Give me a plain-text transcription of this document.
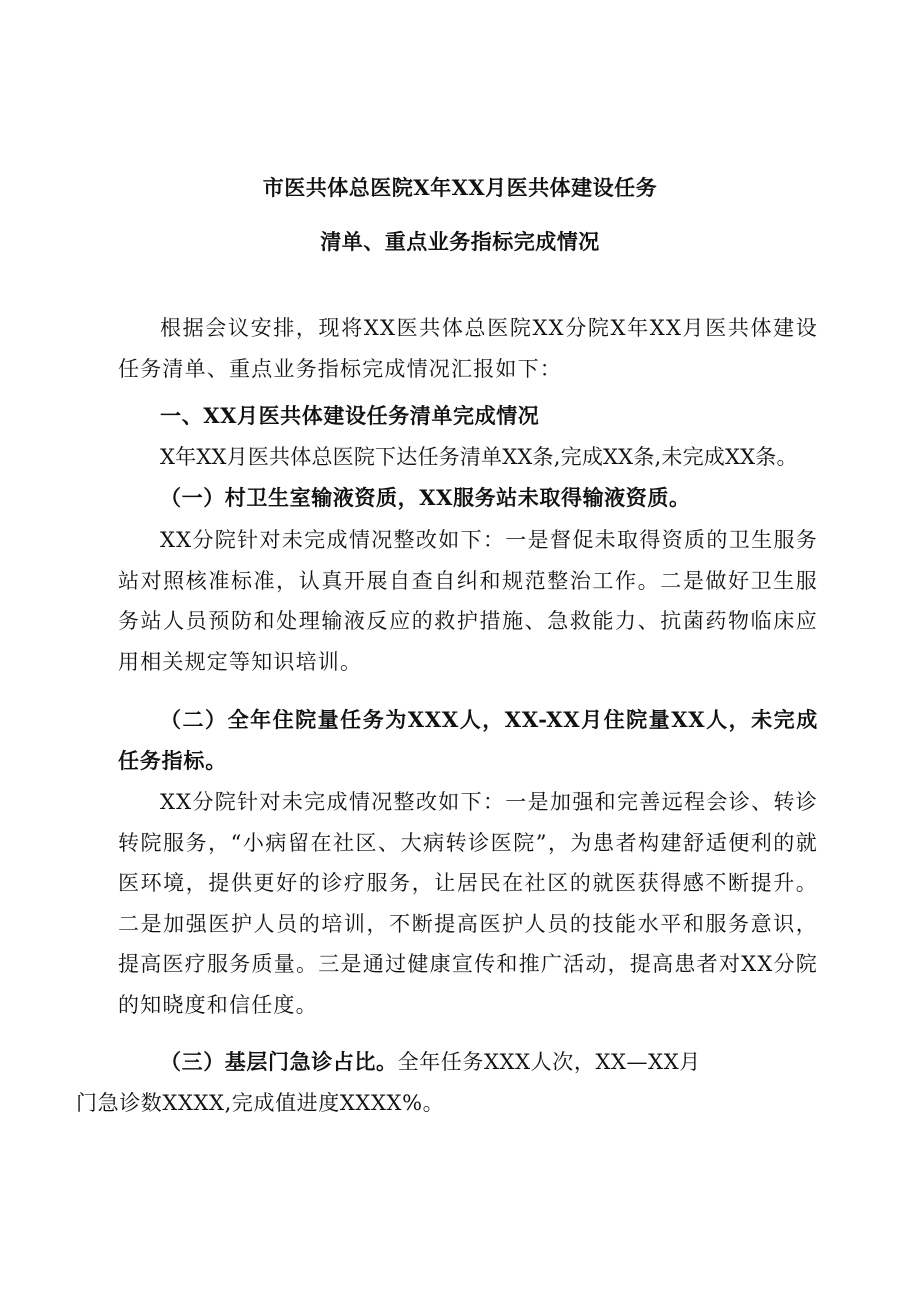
市医共体总医院X年XX月医共体建设任务
清单、重点业务指标完成情况

根据会议安排，现将XX医共体总医院XX分院X年XX月医共体建设任务清单、重点业务指标完成情况汇报如下：

一、XX月医共体建设任务清单完成情况

X年XX月医共体总医院下达任务清单XX条,完成XX条,未完成XX条。

（一）村卫生室输液资质，XX服务站未取得输液资质。

XX分院针对未完成情况整改如下：一是督促未取得资质的卫生服务站对照核准标准，认真开展自查自纠和规范整治工作。二是做好卫生服务站人员预防和处理输液反应的救护措施、急救能力、抗菌药物临床应用相关规定等知识培训。

（二）全年住院量任务为XXX人，XX-XX月住院量XX人，未完成任务指标。

XX分院针对未完成情况整改如下：一是加强和完善远程会诊、转诊转院服务，“小病留在社区、大病转诊医院”，为患者构建舒适便利的就医环境，提供更好的诊疗服务，让居民在社区的就医获得感不断提升。二是加强医护人员的培训，不断提高医护人员的技能水平和服务意识，提高医疗服务质量。三是通过健康宣传和推广活动，提高患者对XX分院的知晓度和信任度。

（三）基层门急诊占比。全年任务XXX人次，XX—XX月
门急诊数XXXX,完成值进度XXXX%。
